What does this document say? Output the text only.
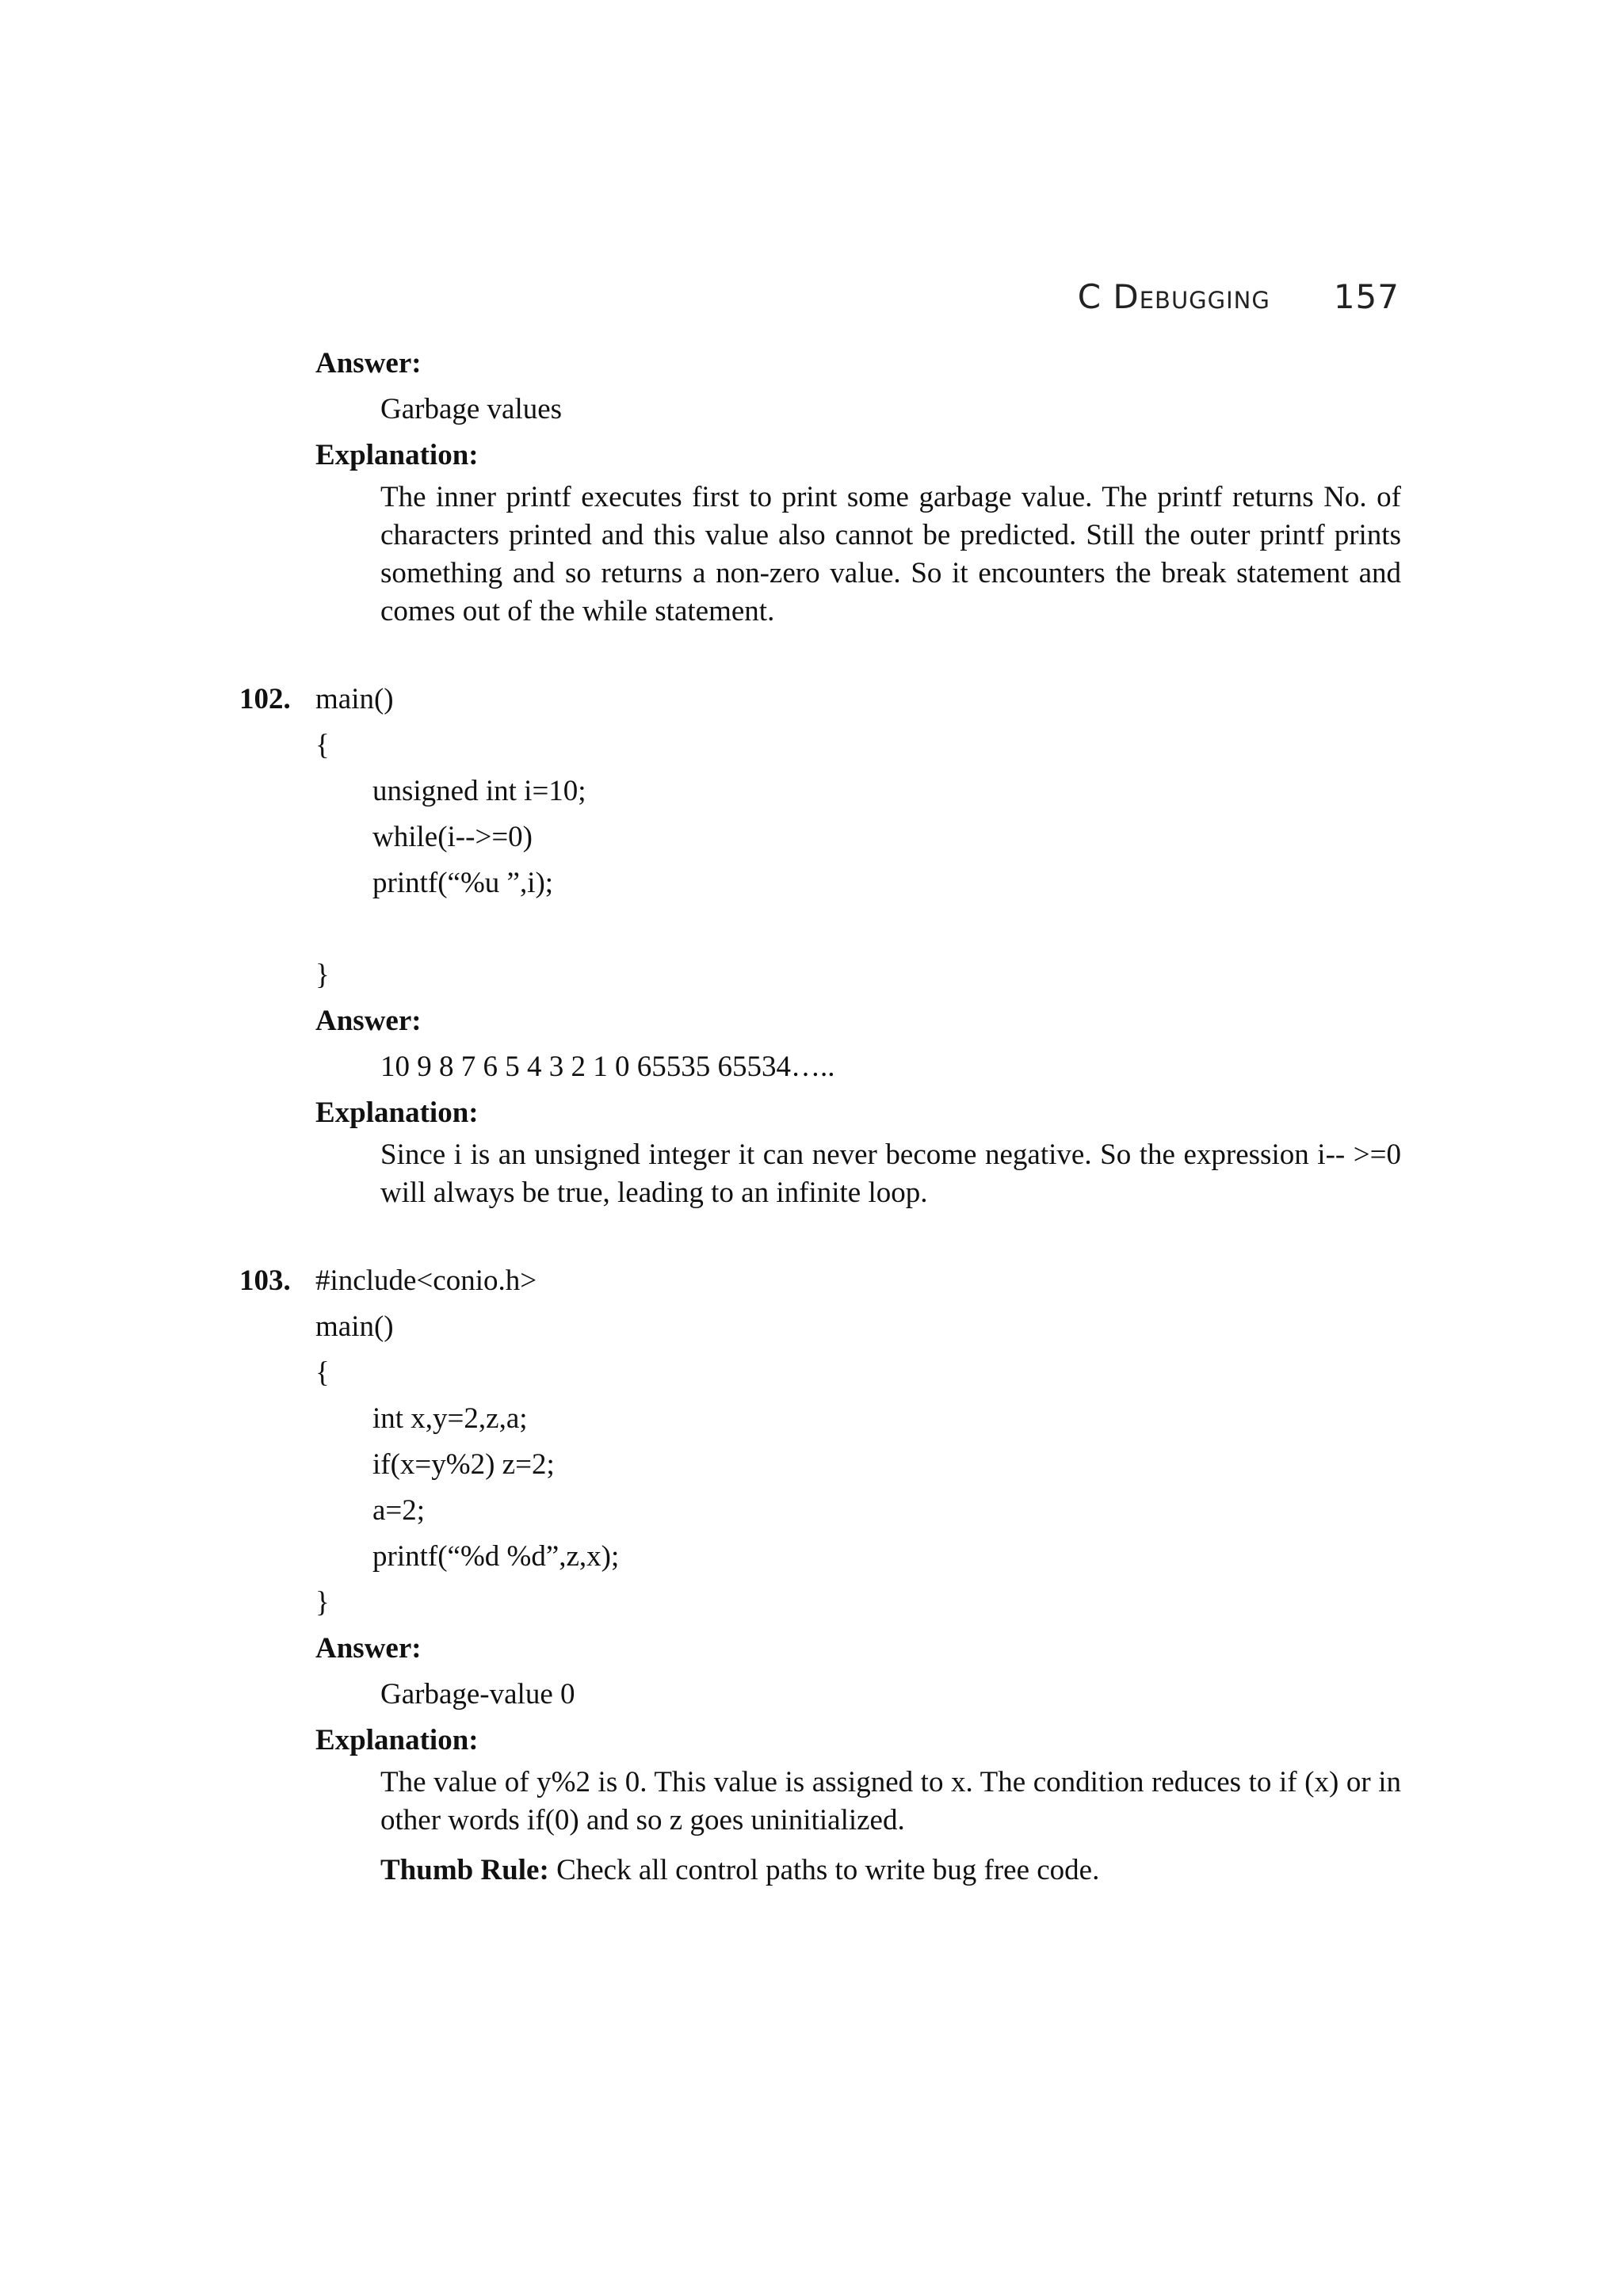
C Debugging 157

Answer:

Garbage values

Explanation:

The inner printf executes first to print some garbage value. The printf returns No. of characters printed and this value also cannot be predicted. Still the outer printf prints something and so returns a non-zero value. So it encounters the break statement and comes out of the while statement.

102. main()

{

unsigned int i=10;

while(i-->=0)

printf(“%u ”,i);

}

Answer:

10 9 8 7 6 5 4 3 2 1 0 65535 65534…..

Explanation:

Since i is an unsigned integer it can never become negative. So the expression i-- >=0 will always be true, leading to an infinite loop.

103. #include<conio.h>

main()

{

int x,y=2,z,a;

if(x=y%2) z=2;

a=2;

printf(“%d %d”,z,x);

}

Answer:

Garbage-value 0

Explanation:

The value of y%2 is 0. This value is assigned to x. The condition reduces to if (x) or in other words if(0) and so z goes uninitialized.

Thumb Rule: Check all control paths to write bug free code.
